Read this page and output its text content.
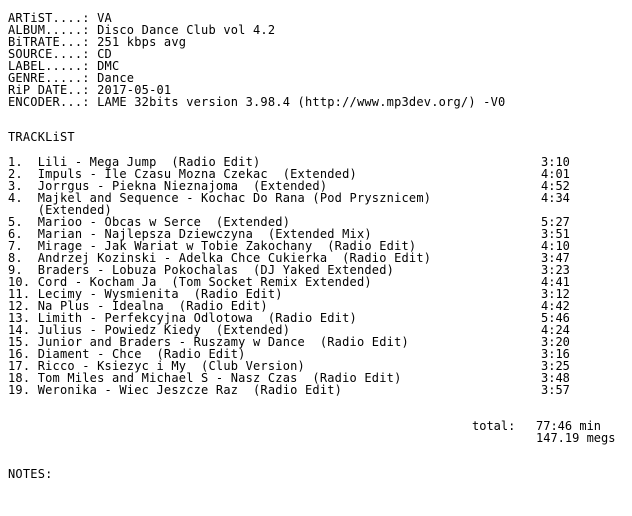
ARTiST....: VA
ALBUM.....: Disco Dance Club vol 4.2
BiTRATE...: 251 kbps avg
SOURCE....: CD
LABEL.....: DMC
GENRE.....: Dance
RiP DATE..: 2017-05-01
ENCODER...: LAME 32bits version 3.98.4 (http://www.mp3dev.org/) -V0
TRACKLiST
1.  Lili - Mega Jump  (Radio Edit)	3:10
2.  Impuls - Ile Czasu Mozna Czekac  (Extended)	4:01
3.  Jorrgus - Piekna Nieznajoma  (Extended)	4:52
4.  Majkel and Sequence - Kochac Do Rana (Pod Prysznicem)	4:34
(Extended)
5.  Marioo - Obcas w Serce  (Extended)	5:27
6.  Marian - Najlepsza Dziewczyna  (Extended Mix)	3:51
7.  Mirage - Jak Wariat w Tobie Zakochany  (Radio Edit)	4:10
8.  Andrzej Kozinski - Adelka Chce Cukierka  (Radio Edit)	3:47
9.  Braders - Lobuza Pokochalas  (DJ Yaked Extended)	3:23
10. Cord - Kocham Ja  (Tom Socket Remix Extended)	4:41
11. Lecimy - Wysmienita  (Radio Edit)	3:12
12. Na Plus - Idealna  (Radio Edit)	4:42
13. Limith - Perfekcyjna Odlotowa  (Radio Edit)	5:46
14. Julius - Powiedz Kiedy  (Extended)	4:24
15. Junior and Braders - Ruszamy w Dance  (Radio Edit)	3:20
16. Diament - Chce  (Radio Edit)	3:16
17. Ricco - Ksiezyc i My  (Club Version)	3:25
18. Tom Miles and Michael S - Nasz Czas  (Radio Edit)	3:48
19. Weronika - Wiec Jeszcze Raz  (Radio Edit)	3:57
total: 77:46 min
147.19 megs
NOTES:
